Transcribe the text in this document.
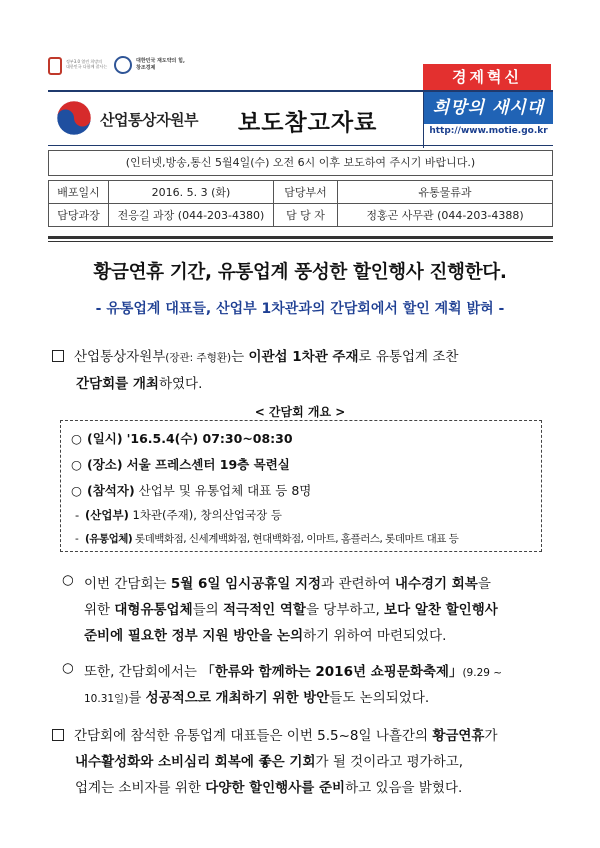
정부3.0 열린 희망의
대한민국 다함께 잘사는
대한민국 재도약의 힘,
창조경제	경제혁신
산업통상자원부 보도참고자료
희망의 새시대
http://www.motie.go.kr
(인터넷,방송,통신 5월4일(수) 오전 6시 이후 보도하여 주시기 바랍니다.)
배포일시	2016. 5. 3 (화)	담당부서	유통물류과
담당과장	전응길 과장 (044-203-4380)	담 당 자	정홍곤 사무관 (044-203-4388)
황금연휴 기간, 유통업계 풍성한 할인행사 진행한다.
- 유통업계 대표들, 산업부 1차관과의 간담회에서 할인 계획 밝혀 -
산업통상자원부(장관: 주형환)는 이관섭 1차관 주재로 유통업계 조찬
간담회를 개최하였다.
< 간담회 개요 >
○ (일시) '16.5.4(수) 07:30~08:30
○ (장소) 서울 프레스센터 19층 목련실
○ (참석자) 산업부 및 유통업체 대표 등 8명
- (산업부) 1차관(주재), 창의산업국장 등
- (유통업체) 롯데백화점, 신세계백화점, 현대백화점, 이마트, 홈플러스, 롯데마트 대표 등
○ 이번 간담회는 5월 6일 임시공휴일 지정과 관련하여 내수경기 회복을
위한 대형유통업체들의 적극적인 역할을 당부하고, 보다 알찬 할인행사
준비에 필요한 정부 지원 방안을 논의하기 위하여 마련되었다.
○ 또한, 간담회에서는 「한류와 함께하는 2016년 쇼핑문화축제」(9.29 ~
10.31일)를 성공적으로 개최하기 위한 방안들도 논의되었다.
간담회에 참석한 유통업계 대표들은 이번 5.5~8일 나흘간의 황금연휴가
내수활성화와 소비심리 회복에 좋은 기회가 될 것이라고 평가하고,
업계는 소비자를 위한 다양한 할인행사를 준비하고 있음을 밝혔다.
